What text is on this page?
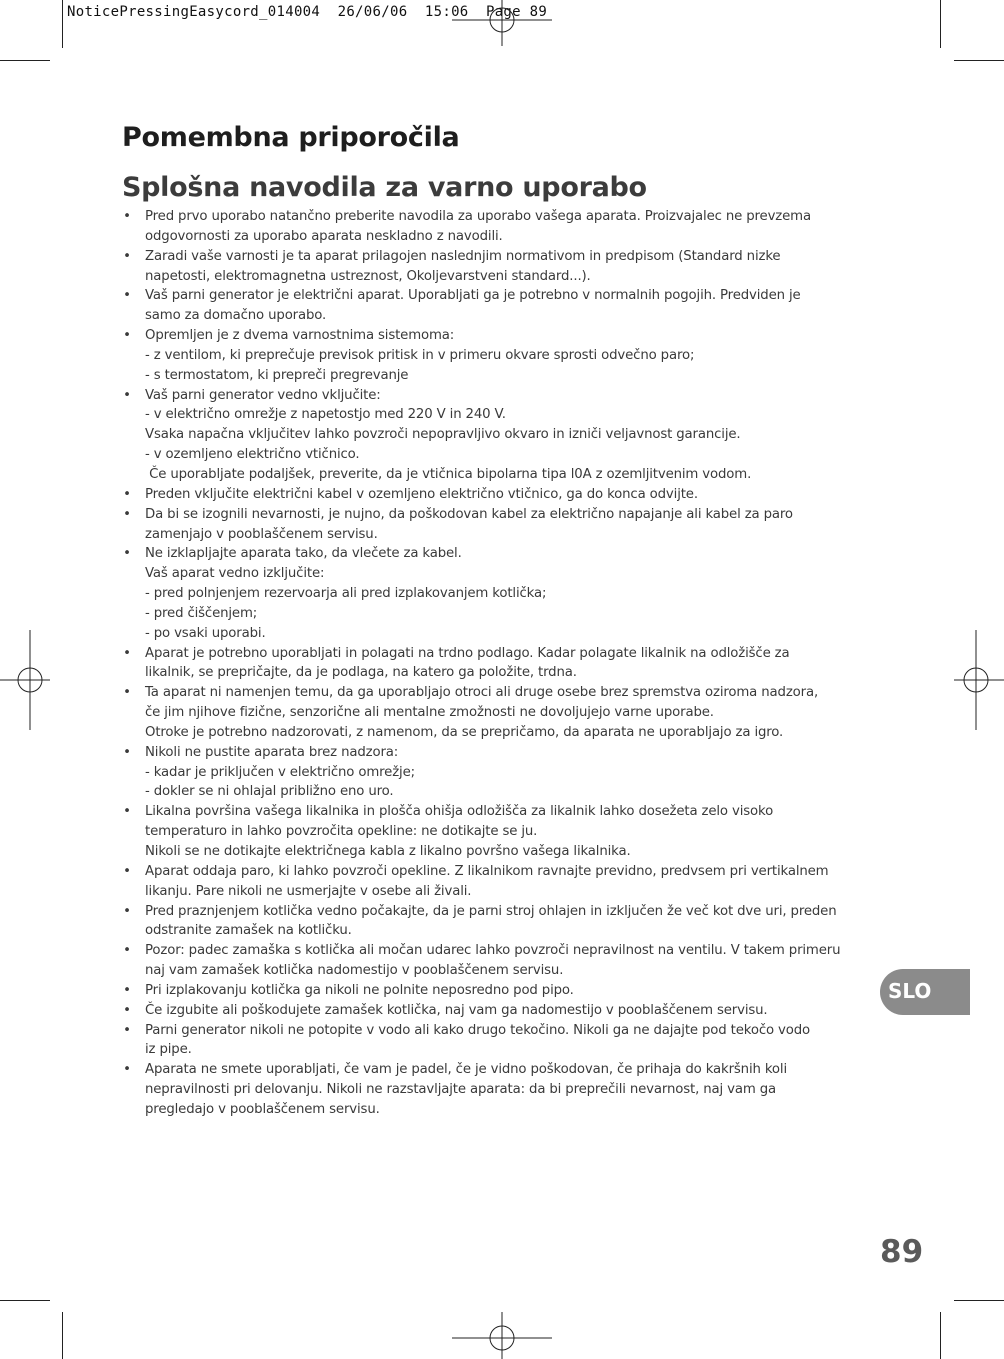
NoticePressingEasycord_014004  26/06/06  15:06  Page 89
Pomembna priporočila
Splošna navodila za varno uporabo
• Pred prvo uporabo natančno preberite navodila za uporabo vašega aparata. Proizvajalec ne prevzema
odgovornosti za uporabo aparata neskladno z navodili.
• Zaradi vaše varnosti je ta aparat prilagojen naslednjim normativom in predpisom (Standard nizke
napetosti, elektromagnetna ustreznost, Okoljevarstveni standard...).
• Vaš parni generator je električni aparat. Uporabljati ga je potrebno v normalnih pogojih. Predviden je
samo za domačno uporabo.
• Opremljen je z dvema varnostnima sistemoma:
- z ventilom, ki preprečuje previsok pritisk in v primeru okvare sprosti odvečno paro;
- s termostatom, ki prepreči pregrevanje
• Vaš parni generator vedno vključite:
- v električno omrežje z napetostjo med 220 V in 240 V.
Vsaka napačna vključitev lahko povzroči nepopravljivo okvaro in izniči veljavnost garancije.
- v ozemljeno električno vtičnico.
Če uporabljate podaljšek, preverite, da je vtičnica bipolarna tipa l0A z ozemljitvenim vodom.
• Preden vključite električni kabel v ozemljeno električno vtičnico, ga do konca odvijte.
• Da bi se izognili nevarnosti, je nujno, da poškodovan kabel za električno napajanje ali kabel za paro
zamenjajo v pooblaščenem servisu.
• Ne izklapljajte aparata tako, da vlečete za kabel.
Vaš aparat vedno izključite:
- pred polnjenjem rezervoarja ali pred izplakovanjem kotlička;
- pred čiščenjem;
- po vsaki uporabi.
• Aparat je potrebno uporabljati in polagati na trdno podlago. Kadar polagate likalnik na odložišče za
likalnik, se prepričajte, da je podlaga, na katero ga položite, trdna.
• Ta aparat ni namenjen temu, da ga uporabljajo otroci ali druge osebe brez spremstva oziroma nadzora,
če jim njihove fizične, senzorične ali mentalne zmožnosti ne dovoljujejo varne uporabe.
Otroke je potrebno nadzorovati, z namenom, da se prepričamo, da aparata ne uporabljajo za igro.
• Nikoli ne pustite aparata brez nadzora:
- kadar je priključen v električno omrežje;
- dokler se ni ohlajal približno eno uro.
• Likalna površina vašega likalnika in plošča ohišja odložišča za likalnik lahko dosežeta zelo visoko
temperaturo in lahko povzročita opekline: ne dotikajte se ju.
Nikoli se ne dotikajte električnega kabla z likalno površno vašega likalnika.
• Aparat oddaja paro, ki lahko povzroči opekline. Z likalnikom ravnajte previdno, predvsem pri vertikalnem
likanju. Pare nikoli ne usmerjajte v osebe ali živali.
• Pred praznjenjem kotlička vedno počakajte, da je parni stroj ohlajen in izključen že več kot dve uri, preden
odstranite zamašek na kotličku.
• Pozor: padec zamaška s kotlička ali močan udarec lahko povzroči nepravilnost na ventilu. V takem primeru
naj vam zamašek kotlička nadomestijo v pooblaščenem servisu.
• Pri izplakovanju kotlička ga nikoli ne polnite neposredno pod pipo.
• Če izgubite ali poškodujete zamašek kotlička, naj vam ga nadomestijo v pooblaščenem servisu.
• Parni generator nikoli ne potopite v vodo ali kako drugo tekočino. Nikoli ga ne dajajte pod tekočo vodo
iz pipe.
• Aparata ne smete uporabljati, če vam je padel, če je vidno poškodovan, če prihaja do kakršnih koli
nepravilnosti pri delovanju. Nikoli ne razstavljajte aparata: da bi preprečili nevarnost, naj vam ga
pregledajo v pooblaščenem servisu.
SLO
89
